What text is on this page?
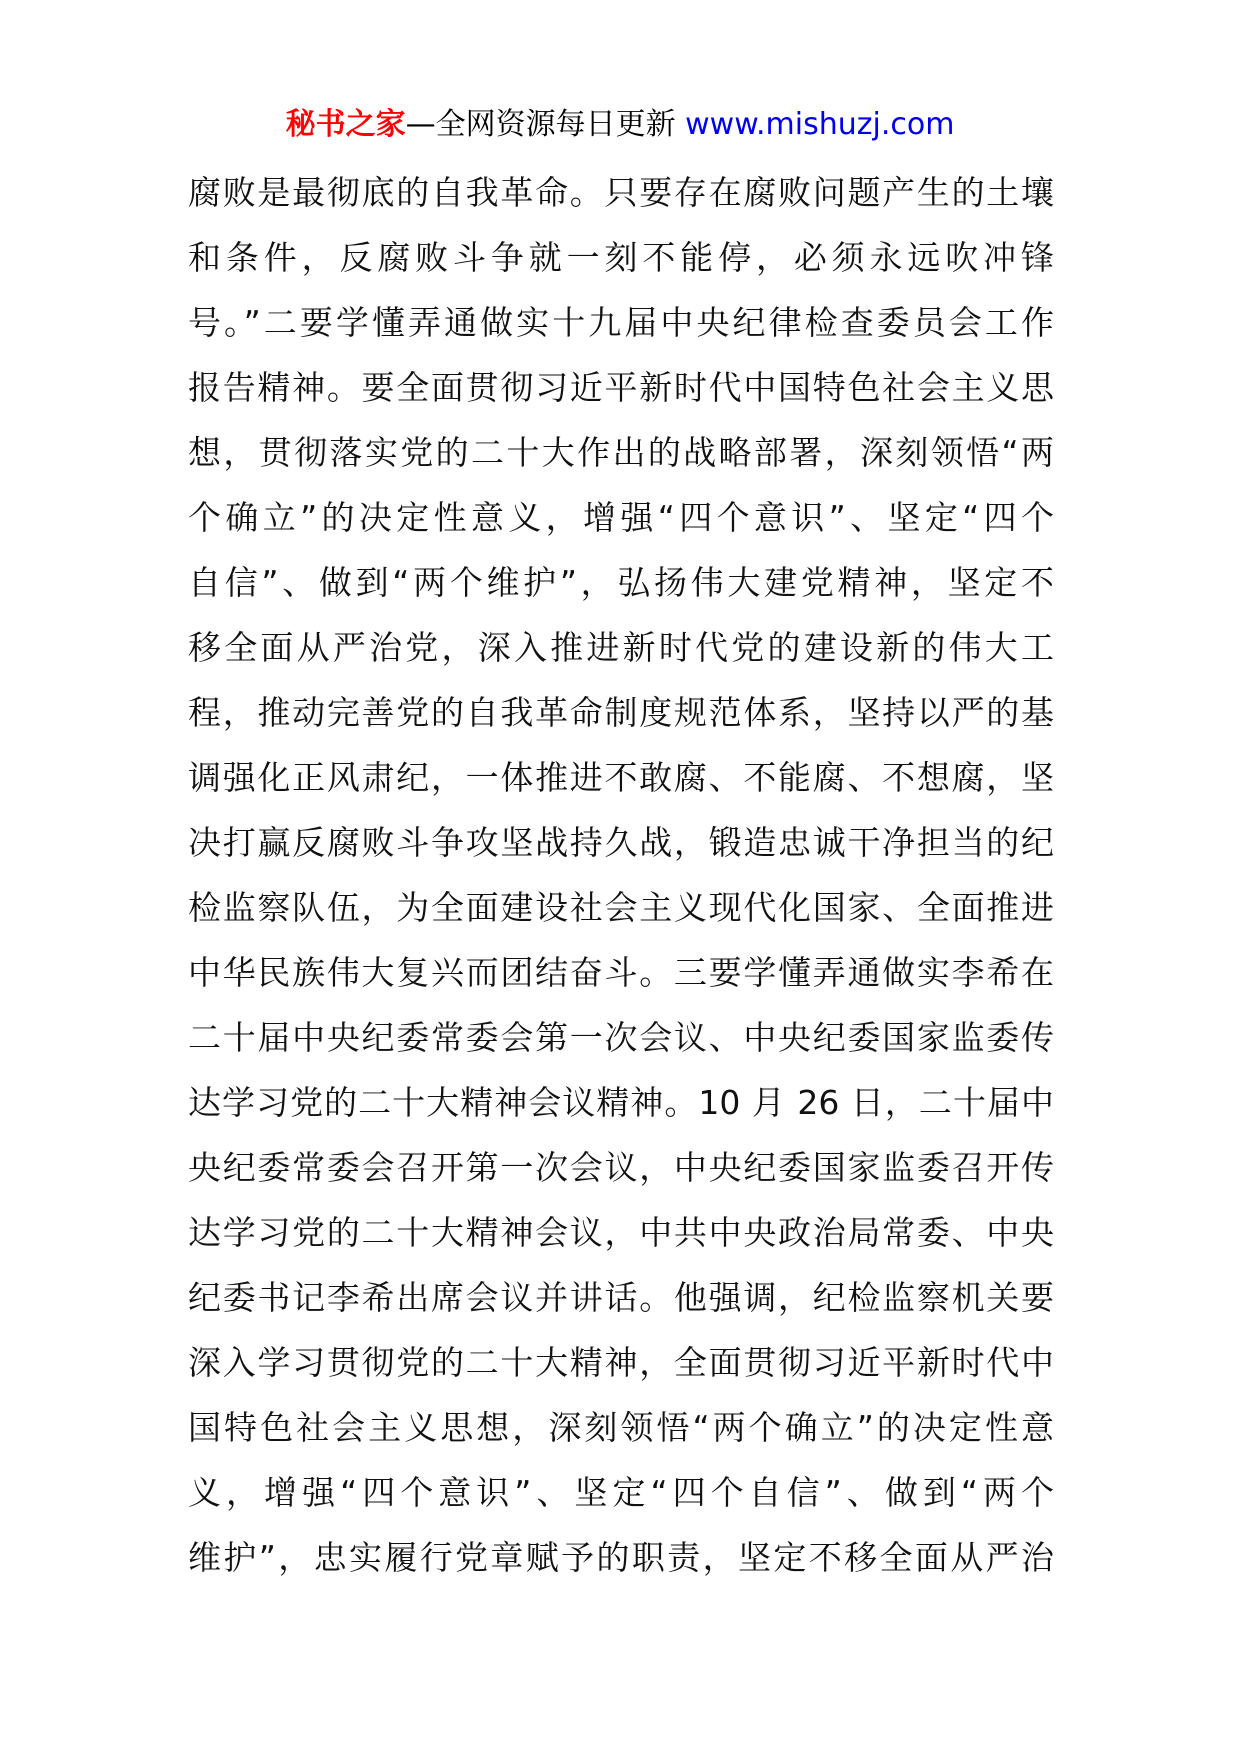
秘书之家—全网资源每日更新 www.mishuzj.com
腐败是最彻底的自我革命。只要存在腐败问题产生的土壤
和条件，反腐败斗争就一刻不能停，必须永远吹冲锋
号。”二要学懂弄通做实十九届中央纪律检查委员会工作
报告精神。要全面贯彻习近平新时代中国特色社会主义思
想，贯彻落实党的二十大作出的战略部署，深刻领悟“两
个确立”的决定性意义，增强“四个意识”、坚定“四个
自信”、做到“两个维护”，弘扬伟大建党精神，坚定不
移全面从严治党，深入推进新时代党的建设新的伟大工
程，推动完善党的自我革命制度规范体系，坚持以严的基
调强化正风肃纪，一体推进不敢腐、不能腐、不想腐，坚
决打赢反腐败斗争攻坚战持久战，锻造忠诚干净担当的纪
检监察队伍，为全面建设社会主义现代化国家、全面推进
中华民族伟大复兴而团结奋斗。三要学懂弄通做实李希在
二十届中央纪委常委会第一次会议、中央纪委国家监委传
达学习党的二十大精神会议精神。10 月 26 日，二十届中
央纪委常委会召开第一次会议，中央纪委国家监委召开传
达学习党的二十大精神会议，中共中央政治局常委、中央
纪委书记李希出席会议并讲话。他强调，纪检监察机关要
深入学习贯彻党的二十大精神，全面贯彻习近平新时代中
国特色社会主义思想，深刻领悟“两个确立”的决定性意
义，增强“四个意识”、坚定“四个自信”、做到“两个
维护”，忠实履行党章赋予的职责，坚定不移全面从严治
